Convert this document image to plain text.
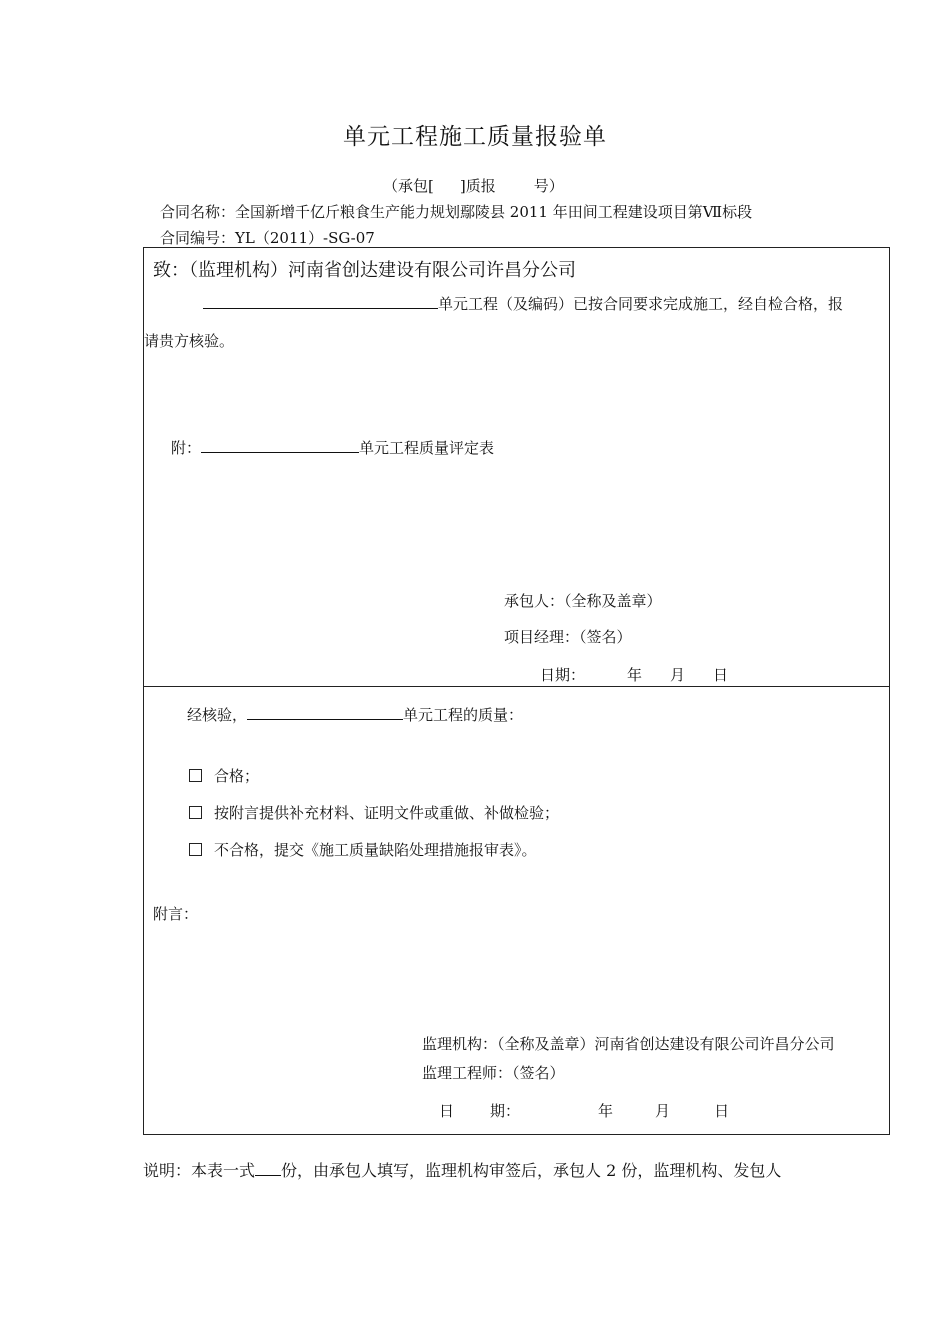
单元工程施工质量报验单
（承包[ ]质报	号）
合同名称：全国新增千亿斤粮食生产能力规划鄢陵县 2011 年田间工程建设项目第Ⅶ标段
合同编号：YL（2011）-SG-07
致：（监理机构）河南省创达建设有限公司许昌分公司
单元工程（及编码）已按合同要求完成施工，经自检合格，报
请贵方核验。
附：	单元工程质量评定表
承包人：（全称及盖章）
项目经理：（签名）
日期：	年 月 日
经核验，	单元工程的质量：
合格；
按附言提供补充材料、证明文件或重做、补做检验；
不合格，提交《施工质量缺陷处理措施报审表》。
附言：
监理机构：（全称及盖章）河南省创达建设有限公司许昌分公司
监理工程师：（签名）
日 期：	年	月	日
说明：本表一式 份，由承包人填写，监理机构审签后，承包人 2 份，监理机构、发包人
